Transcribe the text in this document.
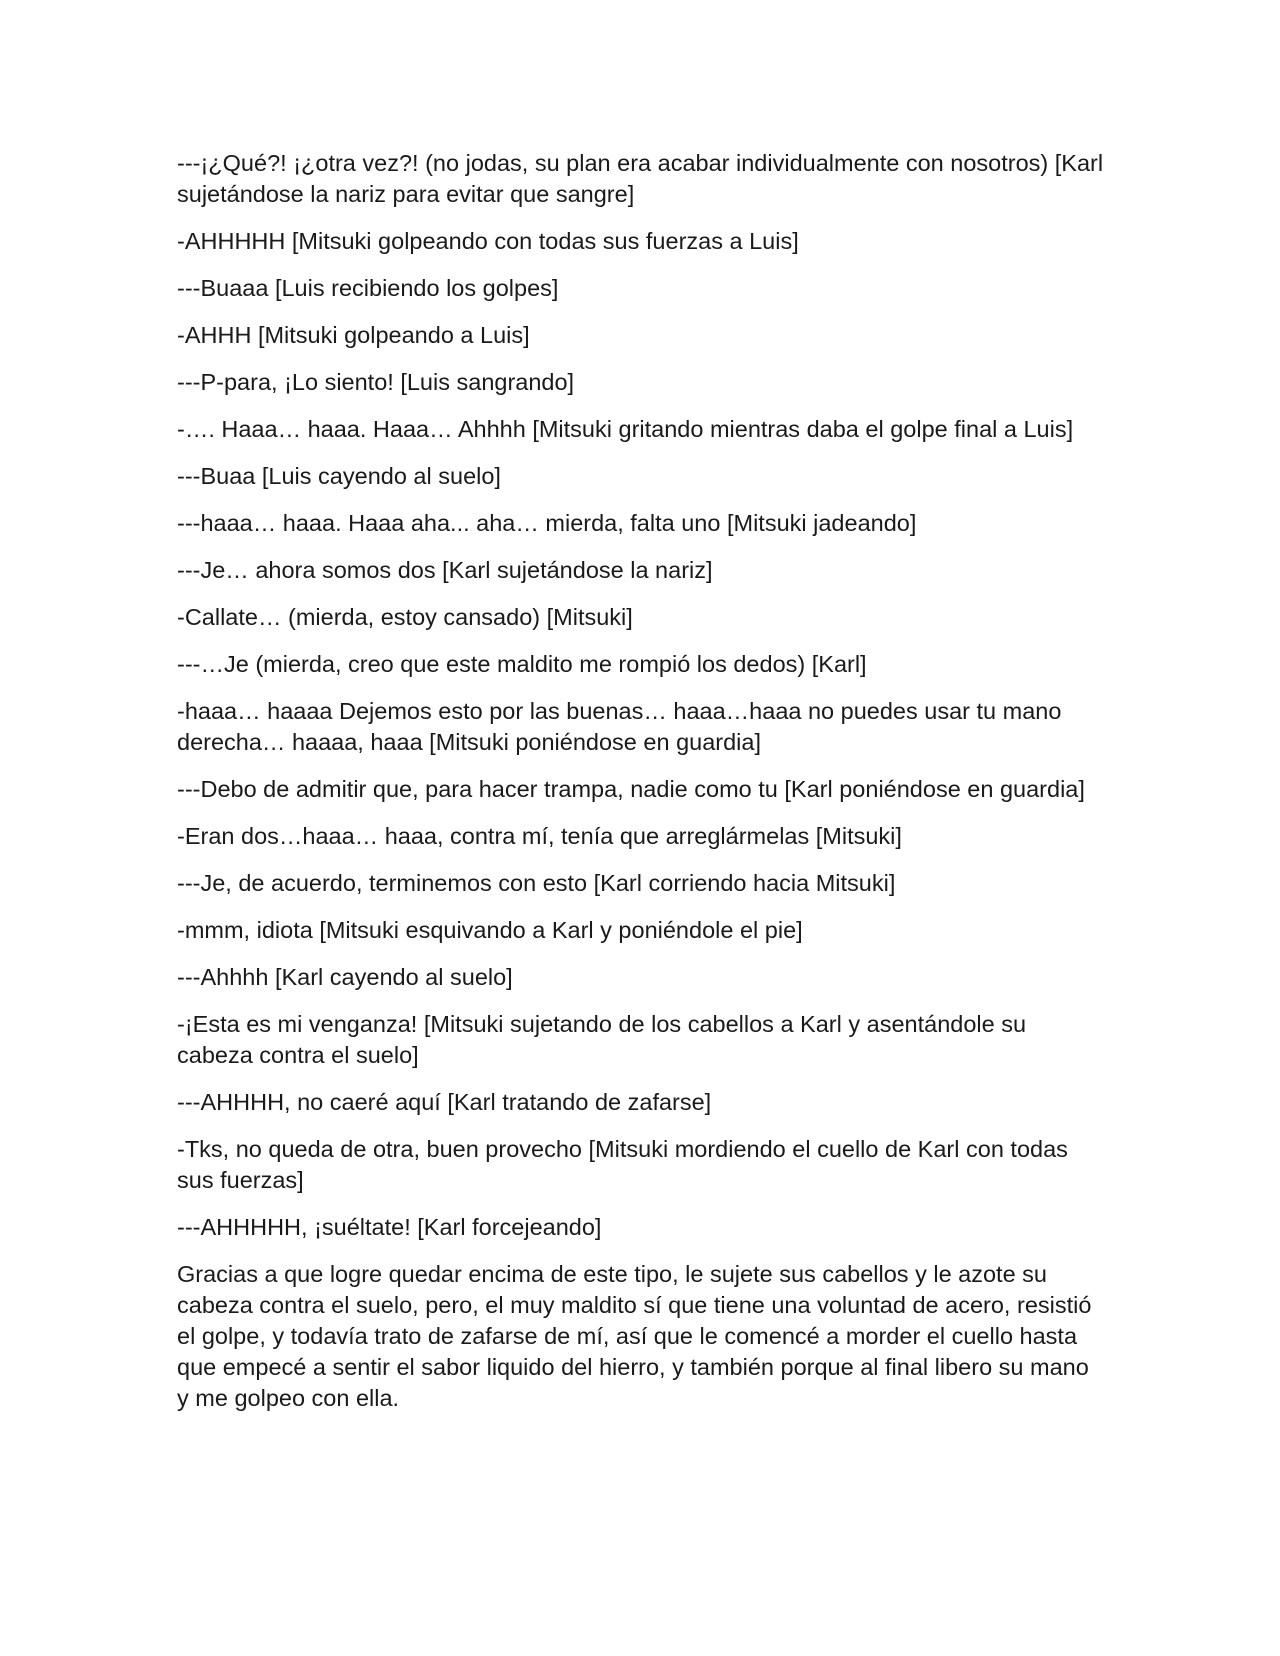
---¡¿Qué?! ¡¿otra vez?! (no jodas, su plan era acabar individualmente con nosotros) [Karl sujetándose la nariz para evitar que sangre]

-AHHHHH [Mitsuki golpeando con todas sus fuerzas a Luis]

---Buaaa [Luis recibiendo los golpes]

-AHHH [Mitsuki golpeando a Luis]

---P-para, ¡Lo siento! [Luis sangrando]

-…. Haaa… haaa. Haaa… Ahhhh [Mitsuki gritando mientras daba el golpe final a Luis]

---Buaa [Luis cayendo al suelo]

---haaa… haaa. Haaa aha... aha… mierda, falta uno [Mitsuki jadeando]

---Je… ahora somos dos [Karl sujetándose la nariz]

-Callate… (mierda, estoy cansado) [Mitsuki]

---…Je (mierda, creo que este maldito me rompió los dedos) [Karl]

-haaa… haaaa Dejemos esto por las buenas… haaa…haaa no puedes usar tu mano derecha… haaaa, haaa [Mitsuki poniéndose en guardia]

---Debo de admitir que, para hacer trampa, nadie como tu [Karl poniéndose en guardia]

-Eran dos…haaa… haaa, contra mí, tenía que arreglármelas [Mitsuki]

---Je, de acuerdo, terminemos con esto [Karl corriendo hacia Mitsuki]

-mmm, idiota [Mitsuki esquivando a Karl y poniéndole el pie]

---Ahhhh [Karl cayendo al suelo]

-¡Esta es mi venganza! [Mitsuki sujetando de los cabellos a Karl y asentándole su cabeza contra el suelo]

---AHHHH, no caeré aquí [Karl tratando de zafarse]

-Tks, no queda de otra, buen provecho [Mitsuki mordiendo el cuello de Karl con todas sus fuerzas]

---AHHHHH, ¡suéltate! [Karl forcejeando]

Gracias a que logre quedar encima de este tipo, le sujete sus cabellos y le azote su cabeza contra el suelo, pero, el muy maldito sí que tiene una voluntad de acero, resistió el golpe, y todavía trato de zafarse de mí, así que le comencé a morder el cuello hasta que empecé a sentir el sabor liquido del hierro, y también porque al final libero su mano y me golpeo con ella.
